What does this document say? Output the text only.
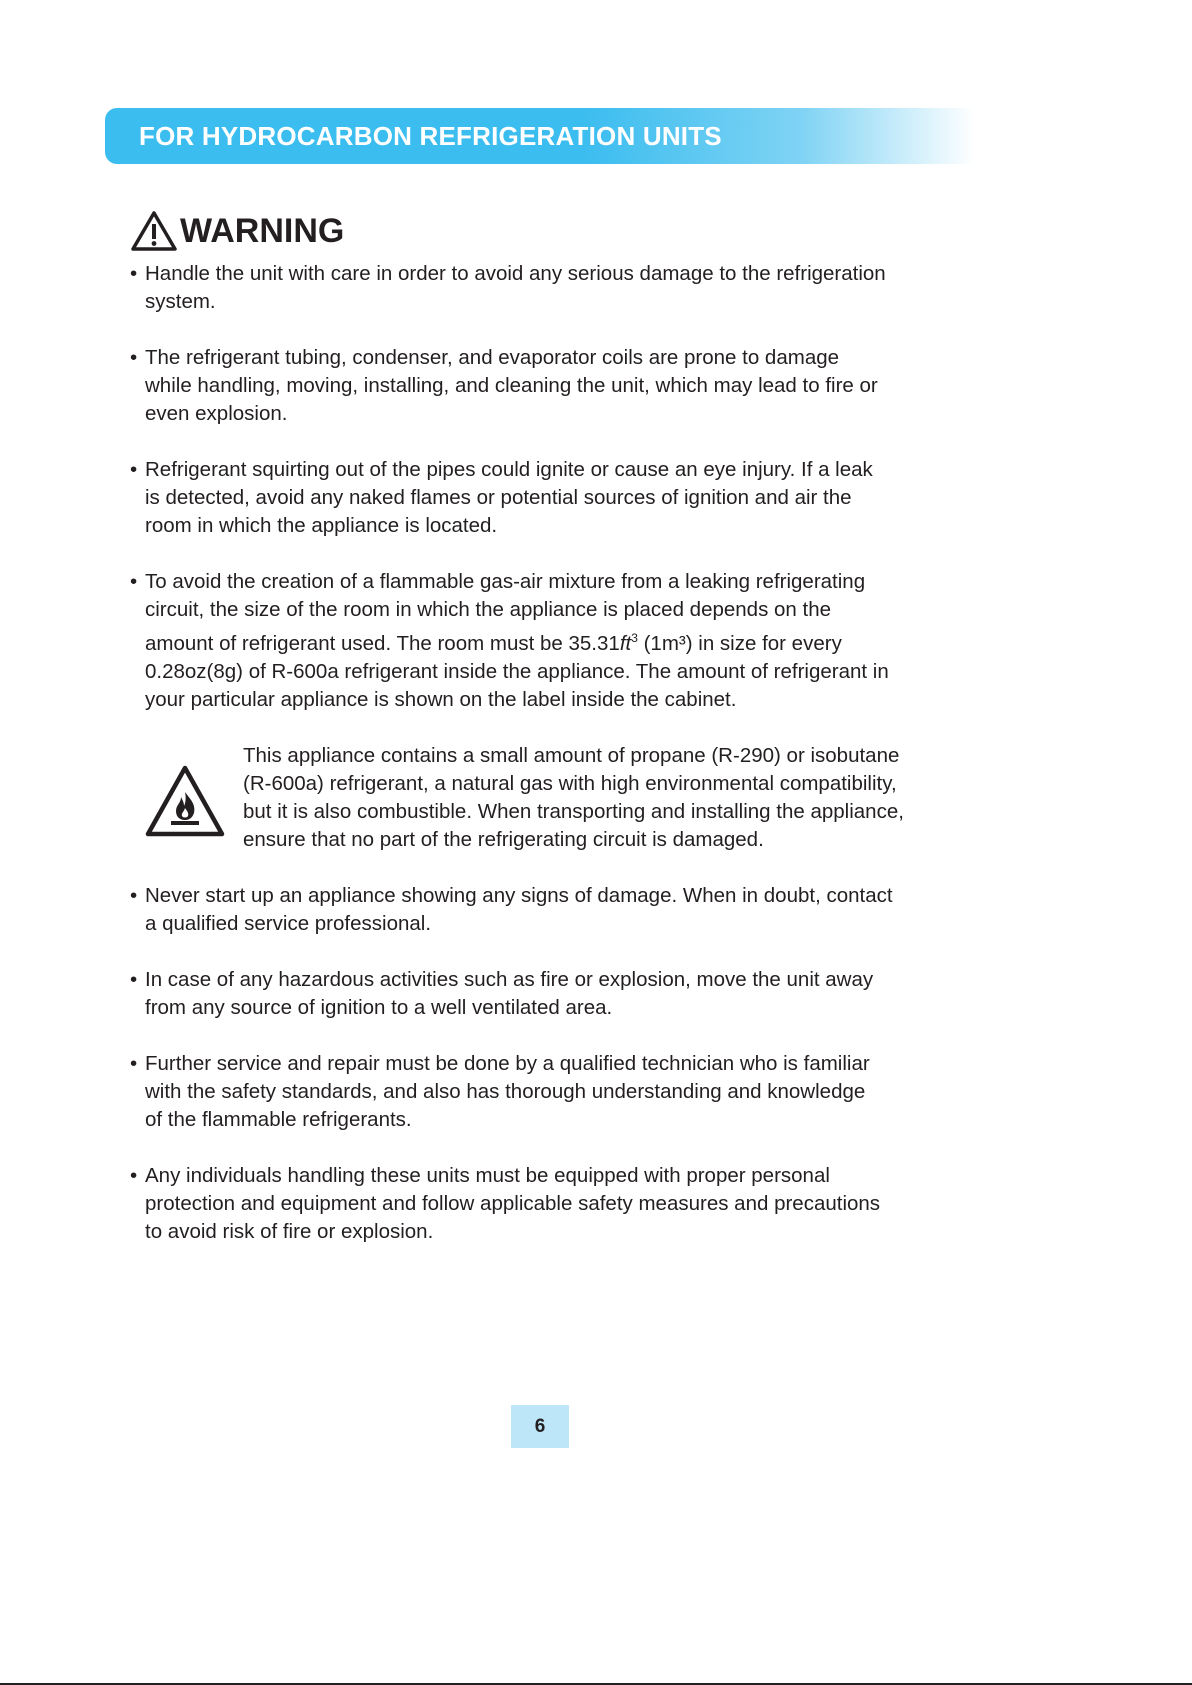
FOR HYDROCARBON REFRIGERATION UNITS
WARNING
• Handle the unit with care in order to avoid any serious damage to the refrigeration
system.
• The refrigerant tubing, condenser, and evaporator coils are prone to damage
while handling, moving, installing, and cleaning the unit, which may lead to fire or
even explosion.
• Refrigerant squirting out of the pipes could ignite or cause an eye injury. If a leak
is detected, avoid any naked flames or potential sources of ignition and air the
room in which the appliance is located.
• To avoid the creation of a flammable gas-air mixture from a leaking refrigerating
circuit, the size of the room in which the appliance is placed depends on the
amount of refrigerant used. The room must be $35.31ft^3$ (1m³) in size for every
0.28oz(8g) of R-600a refrigerant inside the appliance. The amount of refrigerant in
your particular appliance is shown on the label inside the cabinet.
This appliance contains a small amount of propane (R-290) or isobutane
(R-600a) refrigerant, a natural gas with high environmental compatibility,
but it is also combustible. When transporting and installing the appliance,
ensure that no part of the refrigerating circuit is damaged.
• Never start up an appliance showing any signs of damage. When in doubt, contact
a qualified service professional.
• In case of any hazardous activities such as fire or explosion, move the unit away
from any source of ignition to a well ventilated area.
• Further service and repair must be done by a qualified technician who is familiar
with the safety standards, and also has thorough understanding and knowledge
of the flammable refrigerants.
• Any individuals handling these units must be equipped with proper personal
protection and equipment and follow applicable safety measures and precautions
to avoid risk of fire or explosion.
6
